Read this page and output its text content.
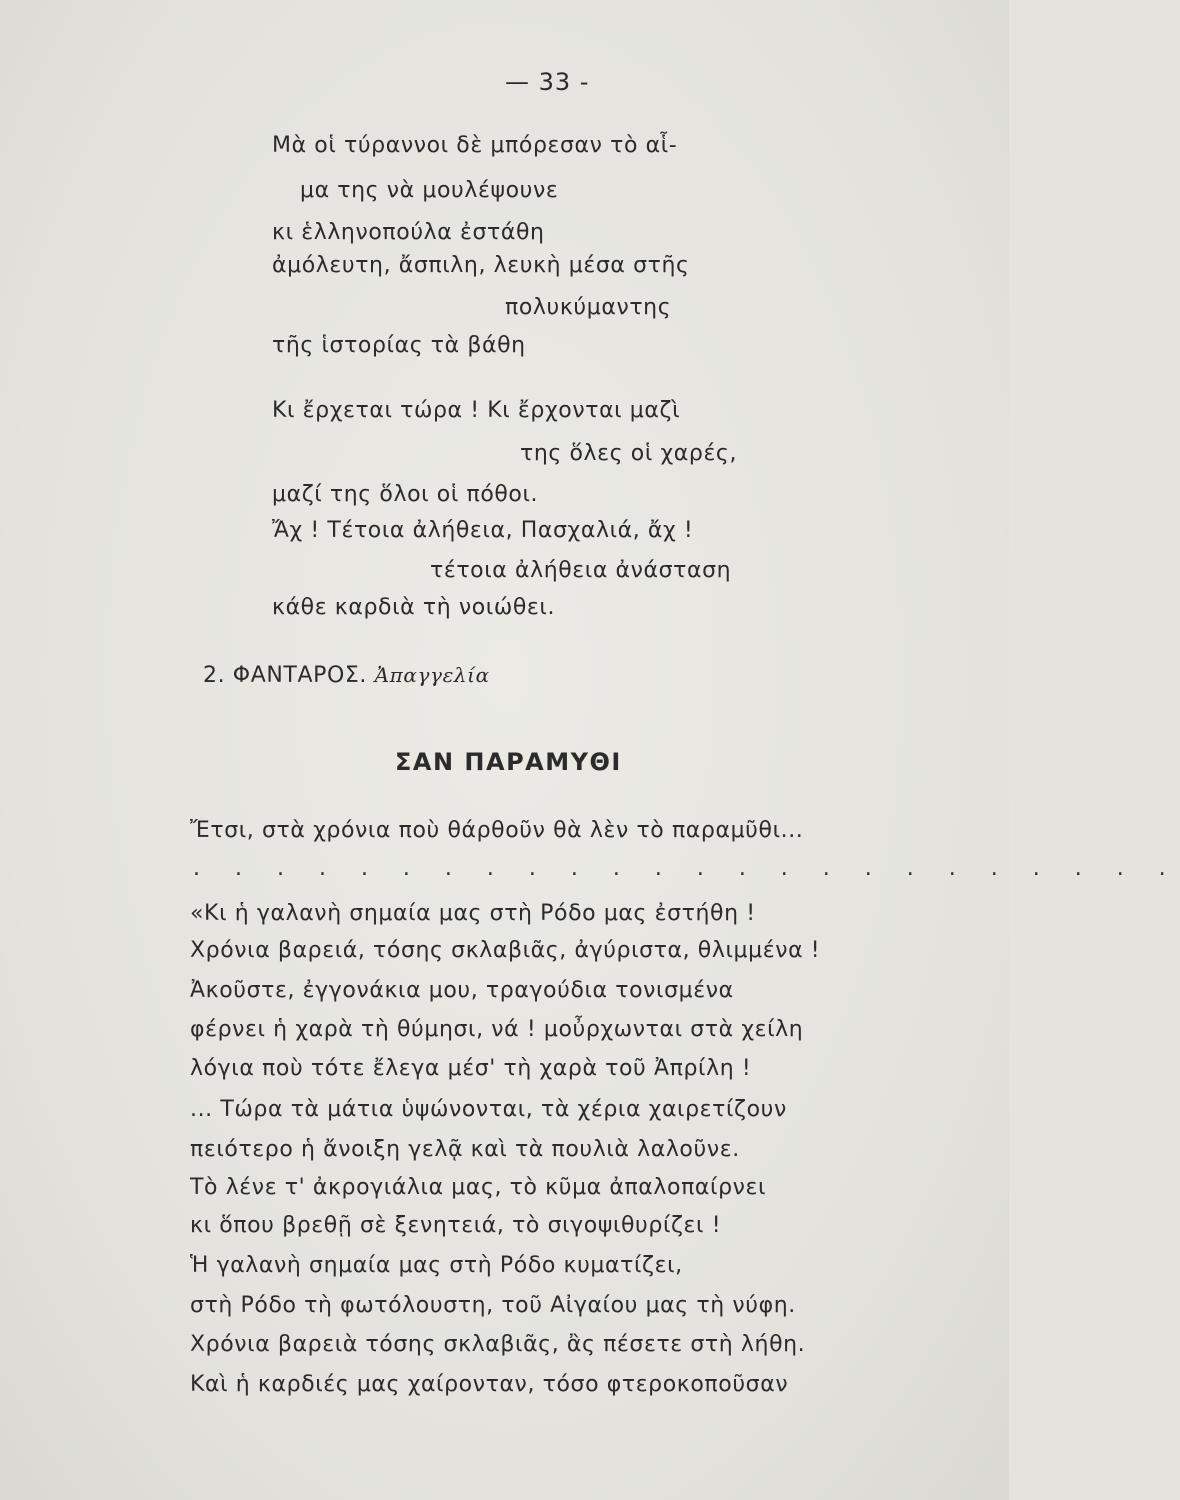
— 33 -
Μὰ οἱ τύραννοι δὲ μπόρεσαν τὸ αἷ-
μα της νὰ μουλέψουνε
κι ἑλληνοπούλα ἐστάθη
ἀμόλευτη, ἄσπιλη, λευκὴ μέσα στῆς
πολυκύμαντης
τῆς ἱστορίας τὰ βάθη
Κι ἔρχεται τώρα ! Κι ἔρχονται μαζὶ
της ὅλες οἱ χαρές,
μαζί της ὅλοι οἱ πόθοι.
Ἄχ ! Τέτοια ἀλήθεια, Πασχαλιά, ἄχ !
τέτοια ἀλήθεια ἀνάσταση
κάθε καρδιὰ τὴ νοιώθει.
2. ΦΑΝΤΑΡΟΣ. Ἀπαγγελία
ΣΑΝ ΠΑΡΑΜΥΘΙ
Ἔτσι, στὰ χρόνια ποὺ θάρθοῦν θὰ λὲν τὸ παραμῦθι...
. . . . . . . . . . . . . . . . . . . . . . . .
«Κι ἡ γαλανὴ σημαία μας στὴ Ρόδο μας ἐστήθη !
Χρόνια βαρειά, τόσης σκλαβιᾶς, ἀγύριστα, θλιμμένα !
Ἀκοῦστε, ἐγγονάκια μου, τραγούδια τονισμένα
φέρνει ἡ χαρὰ τὴ θύμησι, νά ! μοὖρχωνται στὰ χείλη
λόγια ποὺ τότε ἔλεγα μέσ' τὴ χαρὰ τοῦ Ἀπρίλη !
... Τώρα τὰ μάτια ὑψώνονται, τὰ χέρια χαιρετίζουν
πειότερο ἡ ἄνοιξη γελᾷ καὶ τὰ πουλιὰ λαλοῦνε.
Τὸ λένε τ' ἀκρογιάλια μας, τὸ κῦμα ἀπαλοπαίρνει
κι ὅπου βρεθῇ σὲ ξενητειά, τὸ σιγοψιθυρίζει !
Ἡ γαλανὴ σημαία μας στὴ Ρόδο κυματίζει,
στὴ Ρόδο τὴ φωτόλουστη, τοῦ Αἰγαίου μας τὴ νύφη.
Χρόνια βαρειὰ τόσης σκλαβιᾶς, ἂς πέσετε στὴ λήθη.
Καὶ ἡ καρδιές μας χαίρονταν, τόσο φτεροκοποῦσαν
